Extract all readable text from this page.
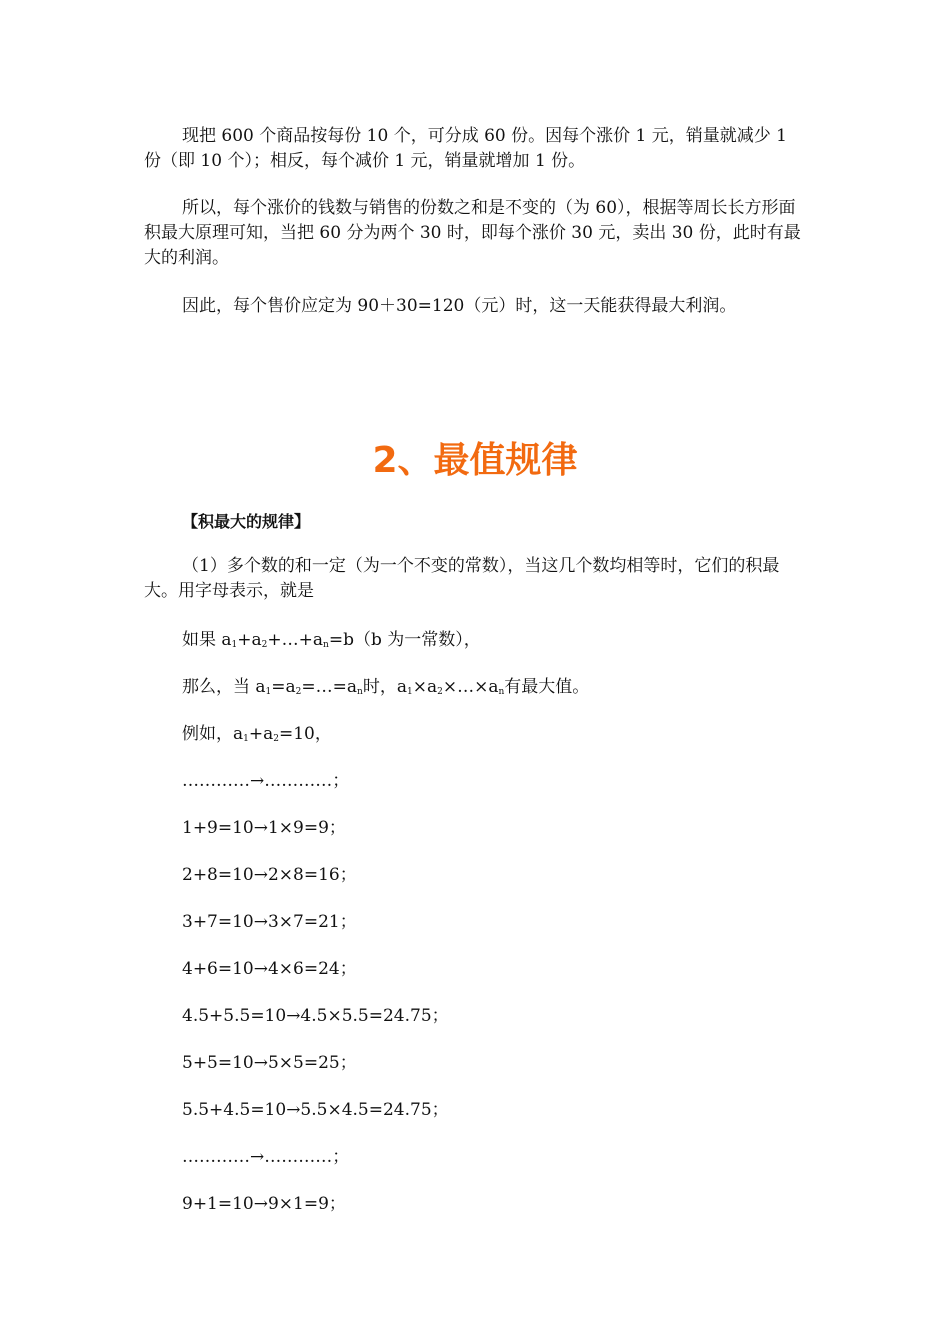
现把 600 个商品按每份 10 个，可分成 60 份。因每个涨价 1 元，销量就减少 1 份（即 10 个）；相反，每个减价 1 元，销量就增加 1 份。

所以，每个涨价的钱数与销售的份数之和是不变的（为 60），根据等周长长方形面积最大原理可知，当把 60 分为两个 30 时，即每个涨价 30 元，卖出 30 份，此时有最大的利润。

因此，每个售价应定为 90＋30=120（元）时，这一天能获得最大利润。

2、最值规律

【积最大的规律】

（1）多个数的和一定（为一个不变的常数），当这几个数均相等时，它们的积最大。用字母表示，就是

如果 $a_1+a_2+\dots+a_n=b(b$ 为一常数），

那么，当 $a_1=a_2=\dots=a_n$时，$a_1\times a_2\times\dots\times a_n$有最大值。

例如，$a_1+a_2=10$，

…………→…………；

1+9=10→1×9=9；

2+8=10→2×8=16；

3+7=10→3×7=21；

4+6=10→4×6=24；

4.5+5.5=10→4.5×5.5=24.75；

5+5=10→5×5=25；

5.5+4.5=10→5.5×4.5=24.75；

…………→…………；

9+1=10→9×1=9；
